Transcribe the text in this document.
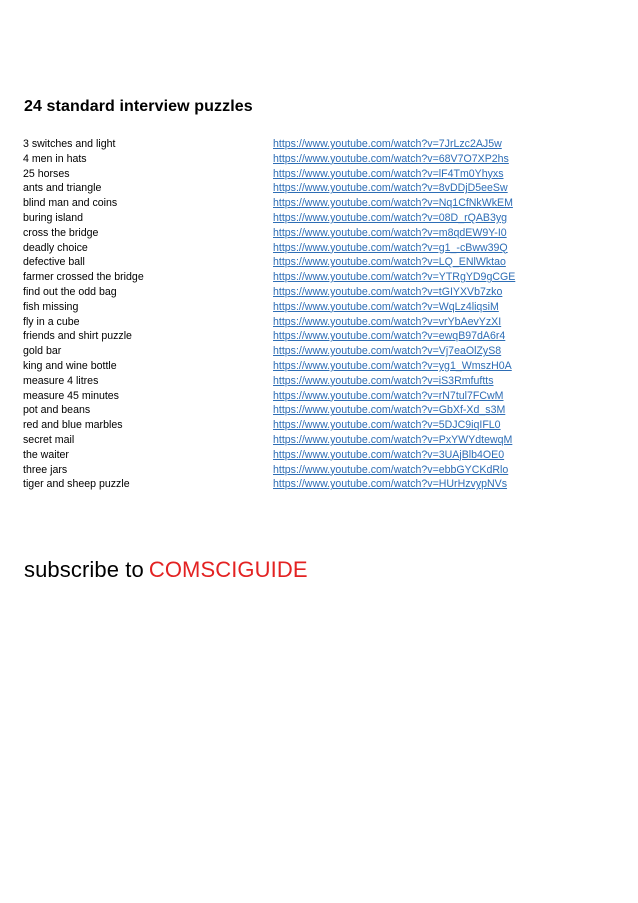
24 standard interview puzzles
3 switches and light	https://www.youtube.com/watch?v=7JrLzc2AJ5w
4 men in hats	https://www.youtube.com/watch?v=68V7O7XP2hs
25 horses	https://www.youtube.com/watch?v=lF4Tm0Yhyxs
ants and triangle	https://www.youtube.com/watch?v=8vDDjD5eeSw
blind man and coins	https://www.youtube.com/watch?v=Nq1CfNkWkEM
buring island	https://www.youtube.com/watch?v=08D_rQAB3yg
cross the bridge	https://www.youtube.com/watch?v=m8qdEW9Y-I0
deadly choice	https://www.youtube.com/watch?v=g1_-cBww39Q
defective ball	https://www.youtube.com/watch?v=LQ_ENlWktao
farmer crossed the bridge	https://www.youtube.com/watch?v=YTRgYD9gCGE
find out the odd bag	https://www.youtube.com/watch?v=tGIYXVb7zko
fish missing	https://www.youtube.com/watch?v=WqLz4liqsiM
fly in a cube	https://www.youtube.com/watch?v=vrYbAevYzXI
friends and shirt puzzle	https://www.youtube.com/watch?v=ewqB97dA6r4
gold bar	https://www.youtube.com/watch?v=Vj7eaOlZyS8
king and wine bottle	https://www.youtube.com/watch?v=yg1_WmszH0A
measure 4 litres	https://www.youtube.com/watch?v=iS3Rmfuftts
measure 45 minutes	https://www.youtube.com/watch?v=rN7tul7FCwM
pot and beans	https://www.youtube.com/watch?v=GbXf-Xd_s3M
red and blue marbles	https://www.youtube.com/watch?v=5DJC9iqIFL0
secret mail	https://www.youtube.com/watch?v=PxYWYdtewqM
the waiter	https://www.youtube.com/watch?v=3UAjBlb4OE0
three jars	https://www.youtube.com/watch?v=ebbGYCKdRlo
tiger and sheep puzzle	https://www.youtube.com/watch?v=HUrHzvypNVs
subscribe to COMSCIGUIDE
